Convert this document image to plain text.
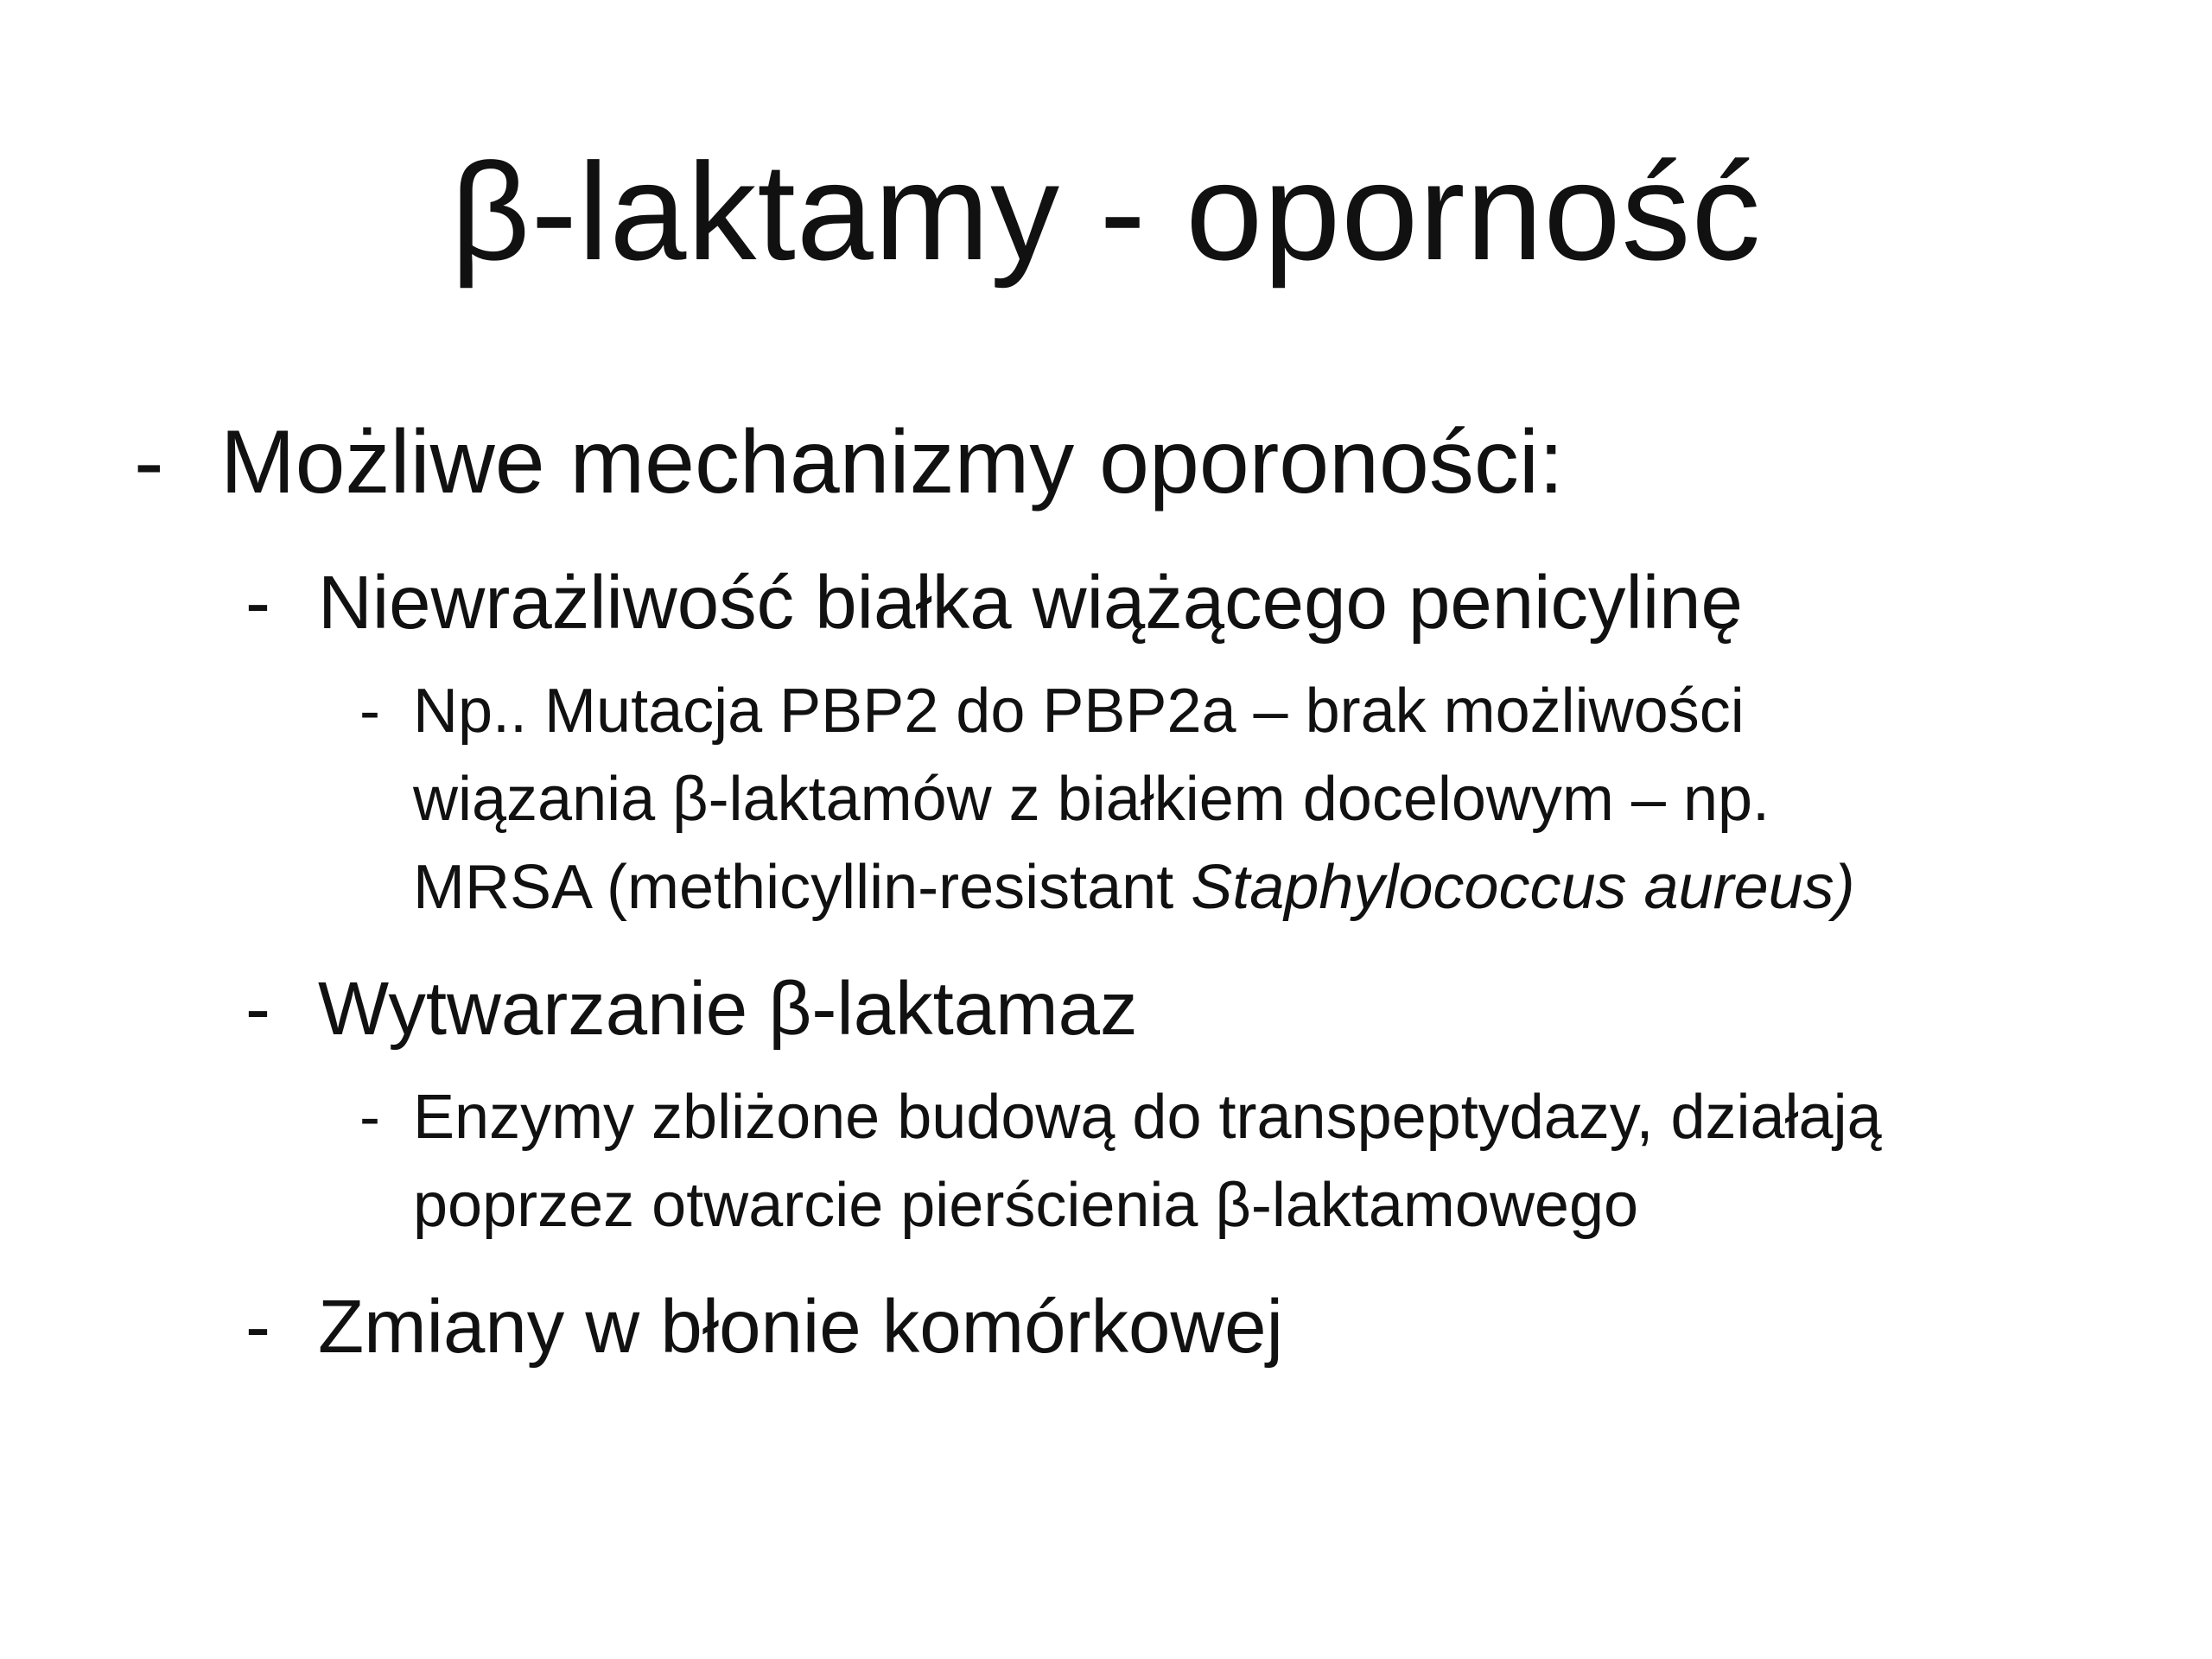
β-laktamy - oporność
- Możliwe mechanizmy oporoności:
- Niewrażliwość białka wiążącego penicylinę
- Np.. Mutacja PBP2 do PBP2a – brak możliwości
wiązania β-laktamów z białkiem docelowym – np.
MRSA (methicyllin-resistant Staphylococcus aureus)
- Wytwarzanie β-laktamaz
- Enzymy zbliżone budową do transpeptydazy, działają
poprzez otwarcie pierścienia β-laktamowego
- Zmiany w błonie komórkowej
